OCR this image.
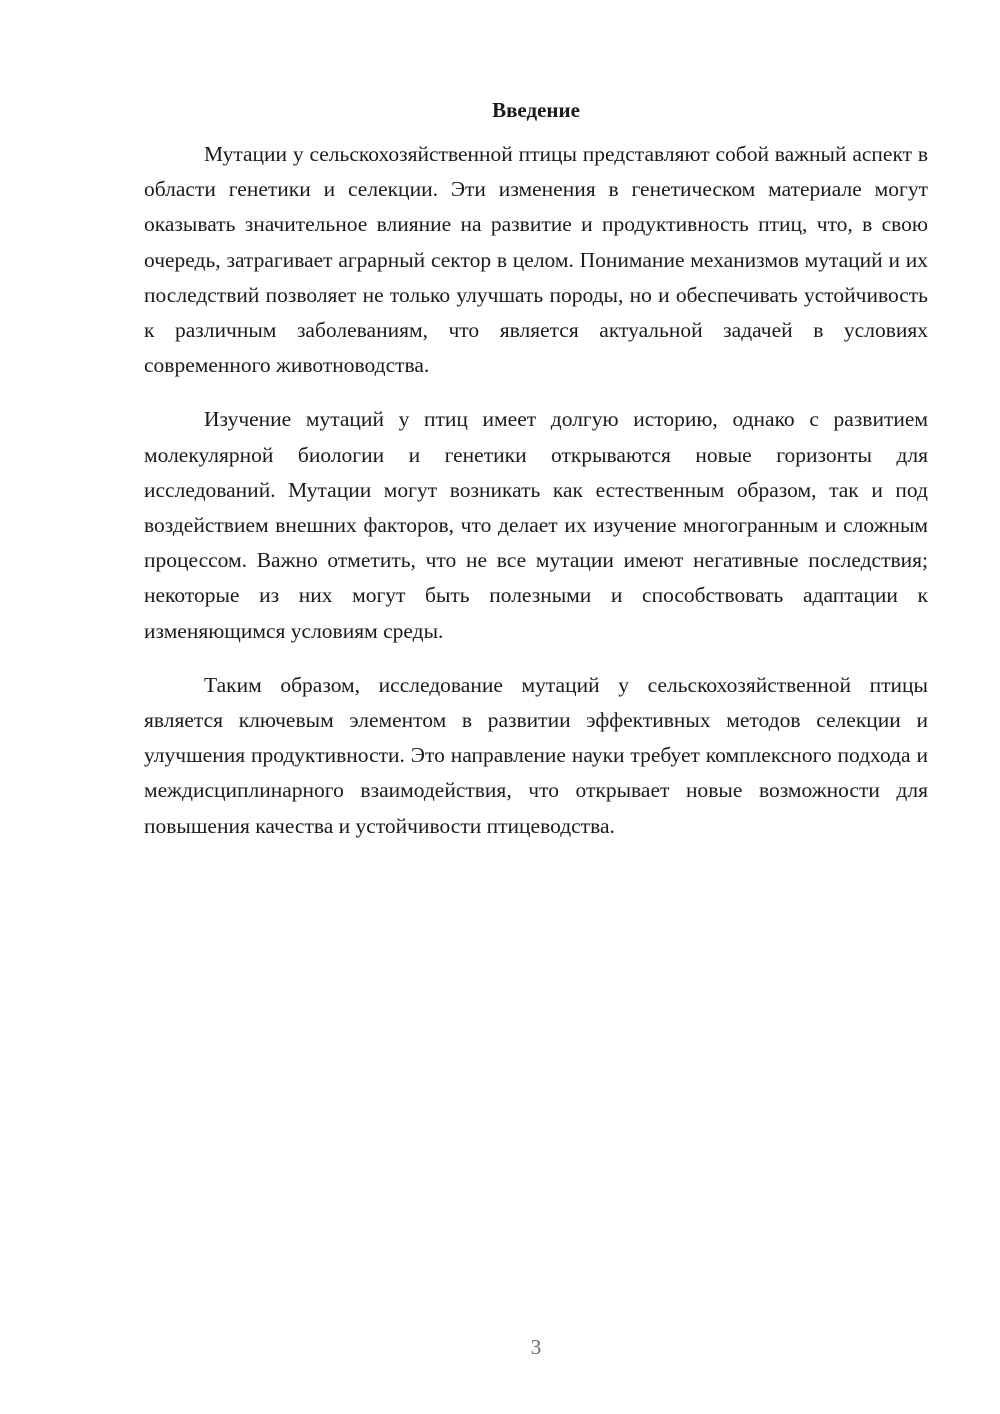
Введение

Мутации у сельскохозяйственной птицы представляют собой важный аспект в области генетики и селекции. Эти изменения в генетическом материале могут оказывать значительное влияние на развитие и продуктивность птиц, что, в свою очередь, затрагивает аграрный сектор в целом. Понимание механизмов мутаций и их последствий позволяет не только улучшать породы, но и обеспечивать устойчивость к различным заболеваниям, что является актуальной задачей в условиях современного животноводства.

Изучение мутаций у птиц имеет долгую историю, однако с развитием молекулярной биологии и генетики открываются новые горизонты для исследований. Мутации могут возникать как естественным образом, так и под воздействием внешних факторов, что делает их изучение многогранным и сложным процессом. Важно отметить, что не все мутации имеют негативные последствия; некоторые из них могут быть полезными и способствовать адаптации к изменяющимся условиям среды.

Таким образом, исследование мутаций у сельскохозяйственной птицы является ключевым элементом в развитии эффективных методов селекции и улучшения продуктивности. Это направление науки требует комплексного подхода и междисциплинарного взаимодействия, что открывает новые возможности для повышения качества и устойчивости птицеводства.

3
